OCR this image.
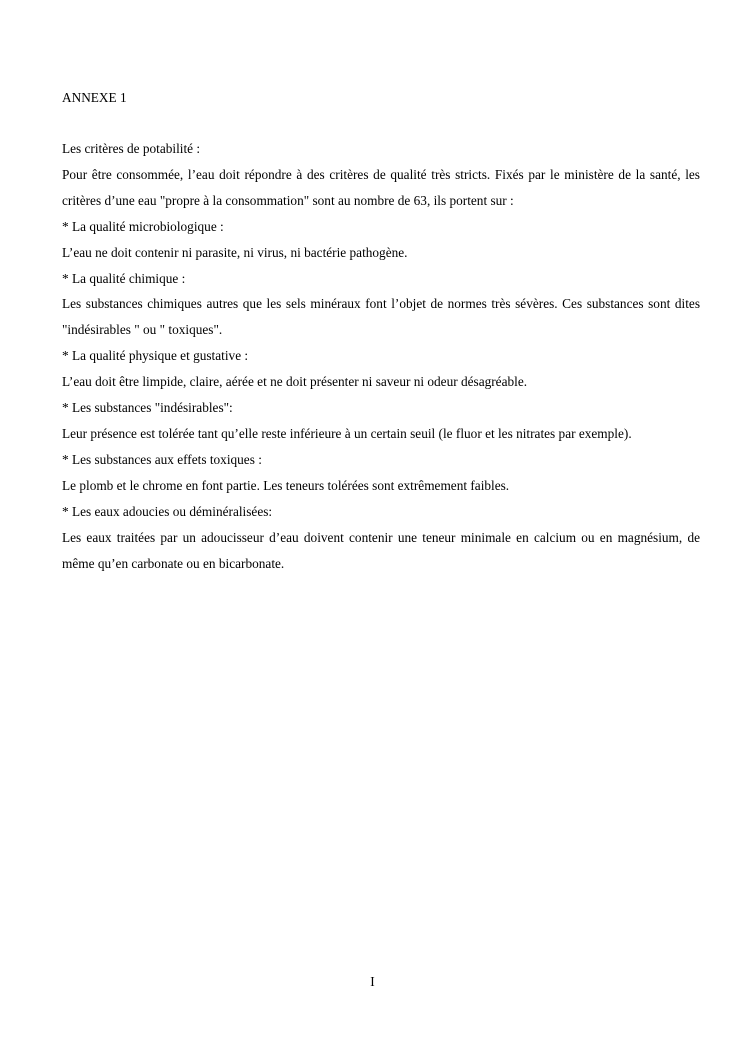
ANNEXE 1

Les critères de potabilité :

Pour être consommée, l’eau doit répondre à des critères de qualité très stricts. Fixés par le ministère de la santé, les critères d’une eau "propre à la consommation" sont au nombre de 63, ils portent sur :

* La qualité microbiologique :

L’eau ne doit contenir ni parasite, ni virus, ni bactérie pathogène.

* La qualité chimique :

Les substances chimiques autres que les sels minéraux font l’objet de normes très sévères. Ces substances sont dites "indésirables " ou " toxiques".

* La qualité physique et gustative :

L’eau doit être limpide, claire, aérée et ne doit présenter ni saveur ni odeur désagréable.

* Les substances "indésirables":

Leur présence est tolérée tant qu’elle reste inférieure à un certain seuil (le fluor et les nitrates par exemple).

* Les substances aux effets toxiques :

Le plomb et le chrome en font partie. Les teneurs tolérées sont extrêmement faibles.

* Les eaux adoucies ou déminéralisées:

Les eaux traitées par un adoucisseur d’eau doivent contenir une teneur minimale en calcium ou en magnésium, de même qu’en carbonate ou en bicarbonate.

I
